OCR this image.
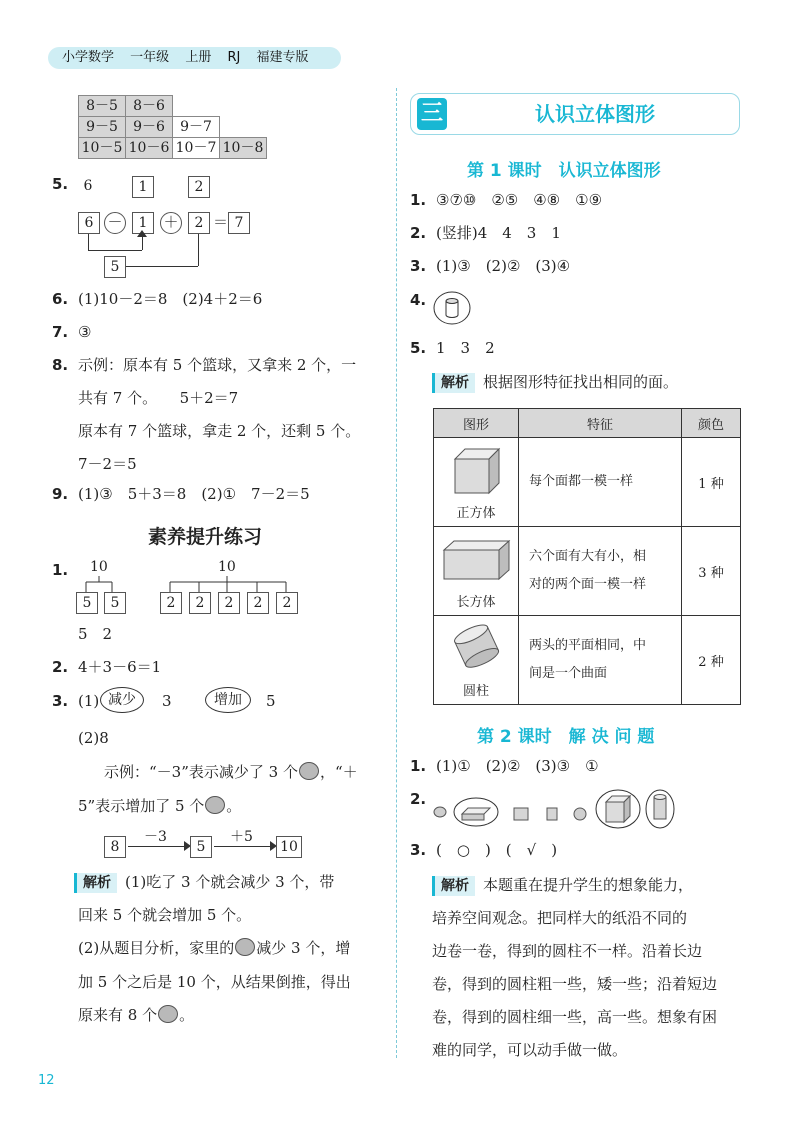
小学数学 一年级 上册 RJ 福建专版
8－5	8－6
9－5	9－6	9－7
10－5 10－6 10－7 10－8
5.	6	1	2
6 －	1	＋	2 ＝ 7
5
6. (1)10－2＝8　(2)4＋2＝6
7. ③
8. 示例：原本有 5 个篮球，又拿来 2 个，一
共有 7 个。　　5＋2＝7
原本有 7 个篮球，拿走 2 个，还剩 5 个。
7－2＝5
9. (1)③　5＋3＝8　(2)①　7－2＝5
素养提升练习
1.	10
5	5
10
2	2	2	2	2
5　2
2. 4＋3－6＝1
3. (1) 减少	3	增加	5
(2)8
示例：“－3”表示减少了 3 个 ，“＋
5”表示增加了 5 个 。
8
－3
5
＋5
10
解析 (1)吃了 3 个就会减少 3 个，带
回来 5 个就会增加 5 个。
(2)从题目分析，家里的 减少 3 个，增
加 5 个之后是 10 个，从结果倒推，得出
原来有 8 个 。
三	认识立体图形
第 1 课时　认识立体图形
1. ③⑦⑩　②⑤　④⑧　①⑨
2. (竖排)4　4　3　1
3. (1)③　(2)②　(3)④
4.
5. 1　3　2
解析 根据图形特征找出相同的面。
图形	特征	颜色

正方体	每个面都一模一样	1 种

长方体	六个面有大有小，相
对的两个面一模一样	3 种

圆柱	两头的平面相同，中
间是一个曲面	2 种
第 2 课时　解 决 问 题
1. (1)①　(2)②　(3)③　①
2.
3. (　○　)　(　√　)
解析 本题重在提升学生的想象能力，
培养空间观念。把同样大的纸沿不同的
边卷一卷，得到的圆柱不一样。沿着长边
卷，得到的圆柱粗一些，矮一些；沿着短边
卷，得到的圆柱细一些，高一些。想象有困
难的同学，可以动手做一做。
12
